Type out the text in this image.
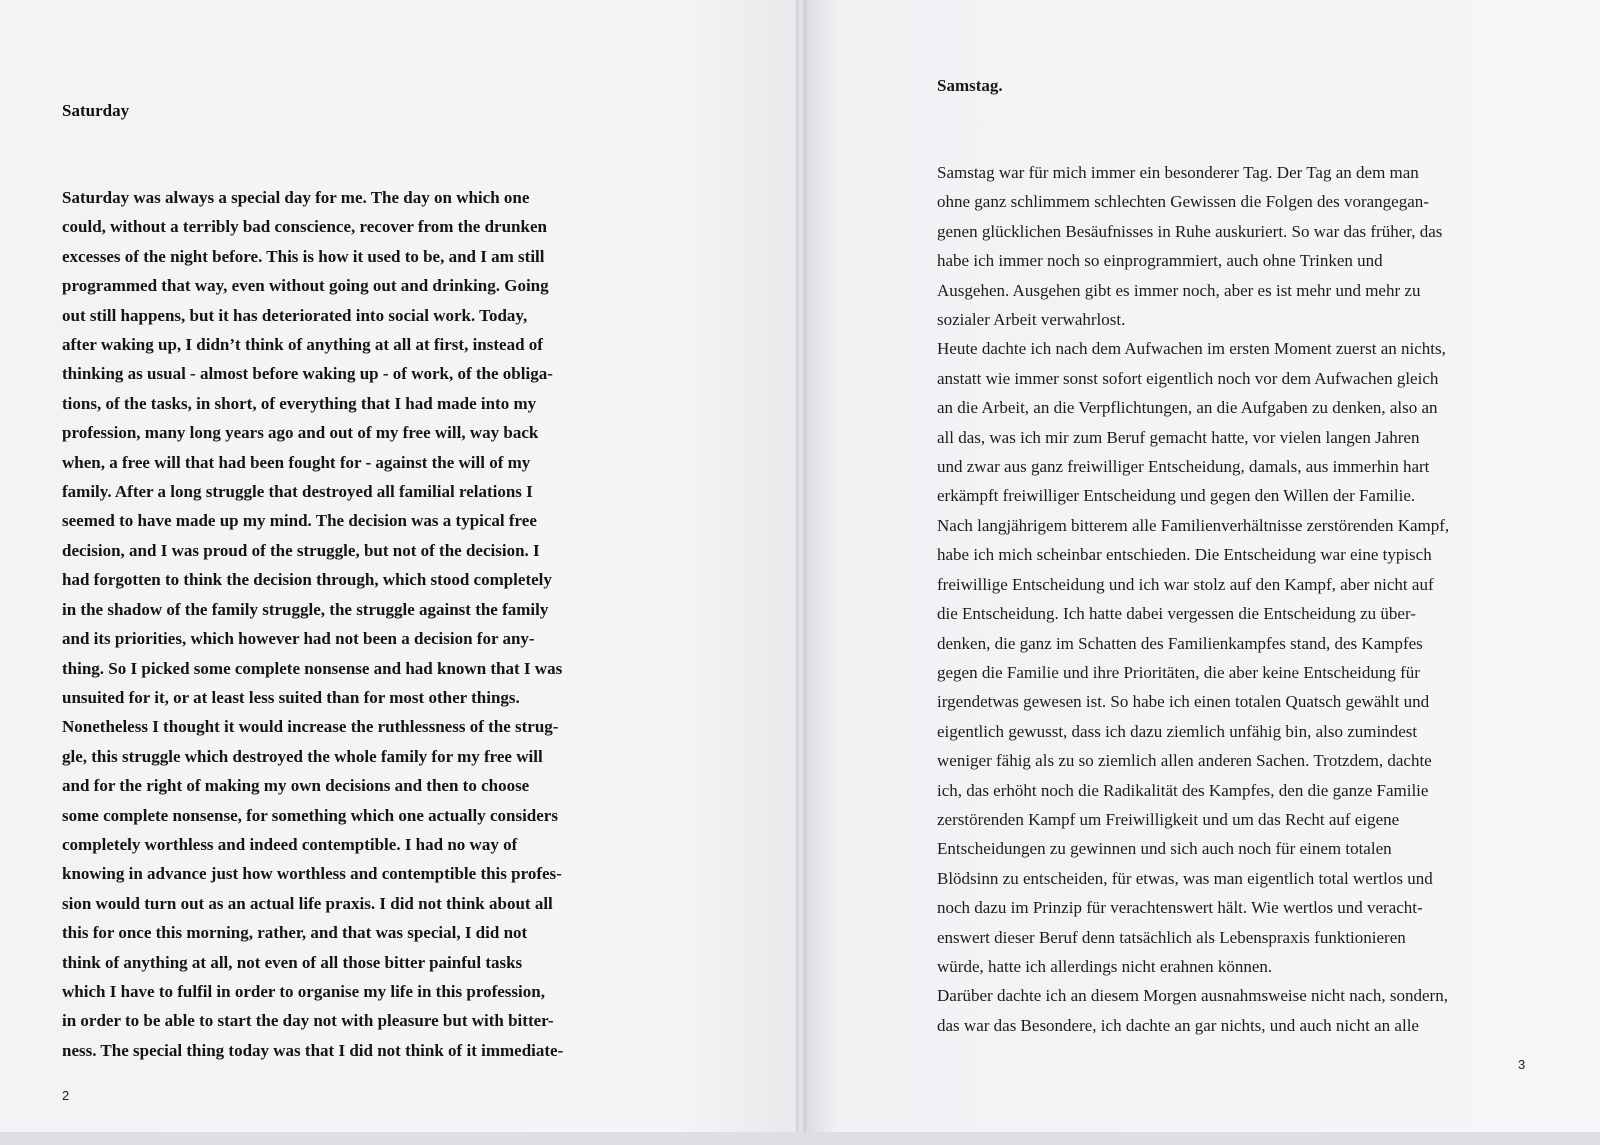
Saturday
Saturday was always a special day for me. The day on which one
could, without a terribly bad conscience, recover from the drunken
excesses of the night before. This is how it used to be, and I am still
programmed that way, even without going out and drinking. Going
out still happens, but it has deteriorated into social work. Today,
after waking up, I didn’t think of anything at all at first, instead of
thinking as usual - almost before waking up - of work, of the obliga-
tions, of the tasks, in short, of everything that I had made into my
profession, many long years ago and out of my free will, way back
when, a free will that had been fought for - against the will of my
family. After a long struggle that destroyed all familial relations I
seemed to have made up my mind. The decision was a typical free
decision, and I was proud of the struggle, but not of the decision. I
had forgotten to think the decision through, which stood completely
in the shadow of the family struggle, the struggle against the family
and its priorities, which however had not been a decision for any-
thing. So I picked some complete nonsense and had known that I was
unsuited for it, or at least less suited than for most other things.
Nonetheless I thought it would increase the ruthlessness of the strug-
gle, this struggle which destroyed the whole family for my free will
and for the right of making my own decisions and then to choose
some complete nonsense, for something which one actually considers
completely worthless and indeed contemptible. I had no way of
knowing in advance just how worthless and contemptible this profes-
sion would turn out as an actual life praxis. I did not think about all
this for once this morning, rather, and that was special, I did not
think of anything at all, not even of all those bitter painful tasks
which I have to fulfil in order to organise my life in this profession,
in order to be able to start the day not with pleasure but with bitter-
ness. The special thing today was that I did not think of it immediate-
2
Samstag.
Samstag war für mich immer ein besonderer Tag. Der Tag an dem man
ohne ganz schlimmem schlechten Gewissen die Folgen des vorangegan-
genen glücklichen Besäufnisses in Ruhe auskuriert. So war das früher, das
habe ich immer noch so einprogrammiert, auch ohne Trinken und
Ausgehen. Ausgehen gibt es immer noch, aber es ist mehr und mehr zu
sozialer Arbeit verwahrlost.
Heute dachte ich nach dem Aufwachen im ersten Moment zuerst an nichts,
anstatt wie immer sonst sofort eigentlich noch vor dem Aufwachen gleich
an die Arbeit, an die Verpflichtungen, an die Aufgaben zu denken, also an
all das, was ich mir zum Beruf gemacht hatte, vor vielen langen Jahren
und zwar aus ganz freiwilliger Entscheidung, damals, aus immerhin hart
erkämpft freiwilliger Entscheidung und gegen den Willen der Familie.
Nach langjährigem bitterem alle Familienverhältnisse zerstörenden Kampf,
habe ich mich scheinbar entschieden. Die Entscheidung war eine typisch
freiwillige Entscheidung und ich war stolz auf den Kampf, aber nicht auf
die Entscheidung. Ich hatte dabei vergessen die Entscheidung zu über-
denken, die ganz im Schatten des Familienkampfes stand, des Kampfes
gegen die Familie und ihre Prioritäten, die aber keine Entscheidung für
irgendetwas gewesen ist. So habe ich einen totalen Quatsch gewählt und
eigentlich gewusst, dass ich dazu ziemlich unfähig bin, also zumindest
weniger fähig als zu so ziemlich allen anderen Sachen. Trotzdem, dachte
ich, das erhöht noch die Radikalität des Kampfes, den die ganze Familie
zerstörenden Kampf um Freiwilligkeit und um das Recht auf eigene
Entscheidungen zu gewinnen und sich auch noch für einem totalen
Blödsinn zu entscheiden, für etwas, was man eigentlich total wertlos und
noch dazu im Prinzip für verachtenswert hält. Wie wertlos und veracht-
enswert dieser Beruf denn tatsächlich als Lebenspraxis funktionieren
würde, hatte ich allerdings nicht erahnen können.
Darüber dachte ich an diesem Morgen ausnahmsweise nicht nach, sondern,
das war das Besondere, ich dachte an gar nichts, und auch nicht an alle
3
